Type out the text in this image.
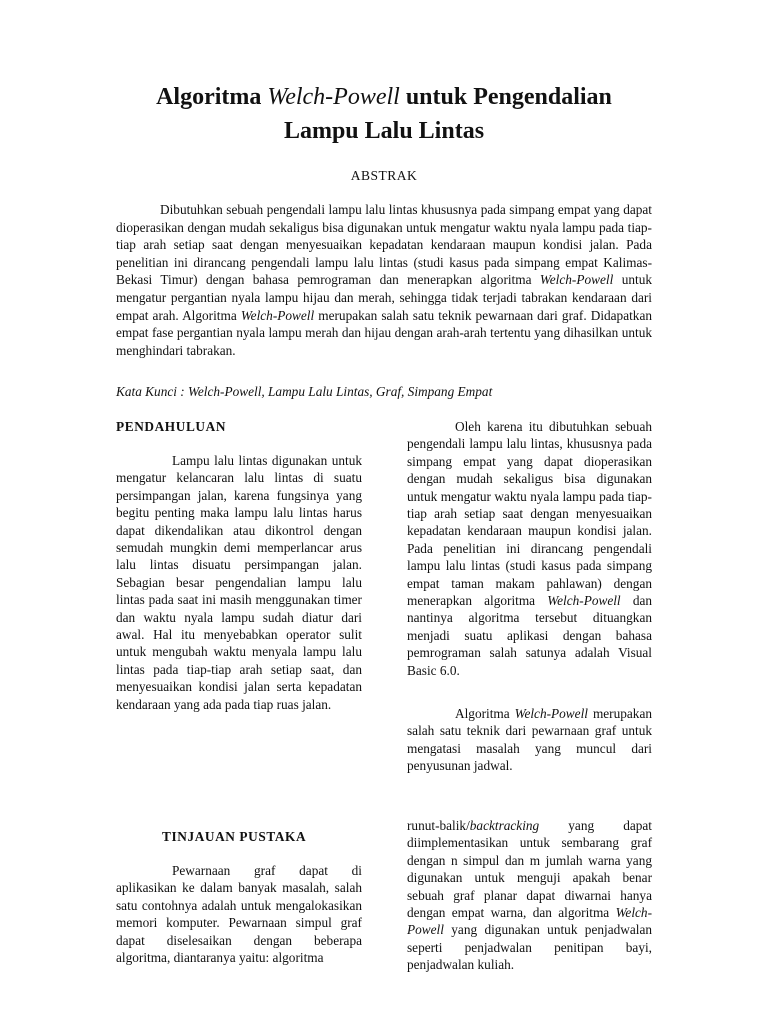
Algoritma Welch-Powell untuk Pengendalian
Lampu Lalu Lintas
ABSTRAK

Dibutuhkan sebuah pengendali lampu lalu lintas khususnya pada simpang empat yang dapat dioperasikan dengan mudah sekaligus bisa digunakan untuk mengatur waktu nyala lampu pada tiap-tiap arah setiap saat dengan menyesuaikan kepadatan kendaraan maupun kondisi jalan. Pada penelitian ini dirancang pengendali lampu lalu lintas (studi kasus pada simpang empat Kalimas-Bekasi Timur) dengan bahasa pemrograman dan menerapkan algoritma Welch-Powell untuk mengatur pergantian nyala lampu hijau dan merah, sehingga tidak terjadi tabrakan kendaraan dari empat arah. Algoritma Welch-Powell merupakan salah satu teknik pewarnaan dari graf. Didapatkan empat fase pergantian nyala lampu merah dan hijau dengan arah-arah tertentu yang dihasilkan untuk menghindari tabrakan.

Kata Kunci : Welch-Powell, Lampu Lalu Lintas, Graf, Simpang Empat

PENDAHULUAN

Lampu lalu lintas digunakan untuk mengatur kelancaran lalu lintas di suatu persimpangan jalan, karena fungsinya yang begitu penting maka lampu lalu lintas harus dapat dikendalikan atau dikontrol dengan semudah mungkin demi memperlancar arus lalu lintas disuatu persimpangan jalan. Sebagian besar pengendalian lampu lalu lintas pada saat ini masih menggunakan timer dan waktu nyala lampu sudah diatur dari awal. Hal itu menyebabkan operator sulit untuk mengubah waktu menyala lampu lalu lintas pada tiap-tiap arah setiap saat, dan menyesuaikan kondisi jalan serta kepadatan kendaraan yang ada pada tiap ruas jalan.

TINJAUAN PUSTAKA

Pewarnaan graf dapat di aplikasikan ke dalam banyak masalah, salah satu contohnya adalah untuk mengalokasikan memori komputer. Pewarnaan simpul graf dapat diselesaikan dengan beberapa algoritma, diantaranya yaitu: algoritma

Oleh karena itu dibutuhkan sebuah pengendali lampu lalu lintas, khususnya pada simpang empat yang dapat dioperasikan dengan mudah sekaligus bisa digunakan untuk mengatur waktu nyala lampu pada tiap-tiap arah setiap saat dengan menyesuaikan kepadatan kendaraan maupun kondisi jalan. Pada penelitian ini dirancang pengendali lampu lalu lintas (studi kasus pada simpang empat taman makam pahlawan) dengan menerapkan algoritma Welch-Powell dan nantinya algoritma tersebut dituangkan menjadi suatu aplikasi dengan bahasa pemrograman salah satunya adalah Visual Basic 6.0.

Algoritma Welch-Powell merupakan salah satu teknik dari pewarnaan graf untuk mengatasi masalah yang muncul dari penyusunan jadwal.

runut-balik/backtracking yang dapat diimplementasikan untuk sembarang graf dengan n simpul dan m jumlah warna yang digunakan untuk menguji apakah benar sebuah graf planar dapat diwarnai hanya dengan empat warna, dan algoritma Welch-Powell yang digunakan untuk penjadwalan seperti penjadwalan penitipan bayi, penjadwalan kuliah.
